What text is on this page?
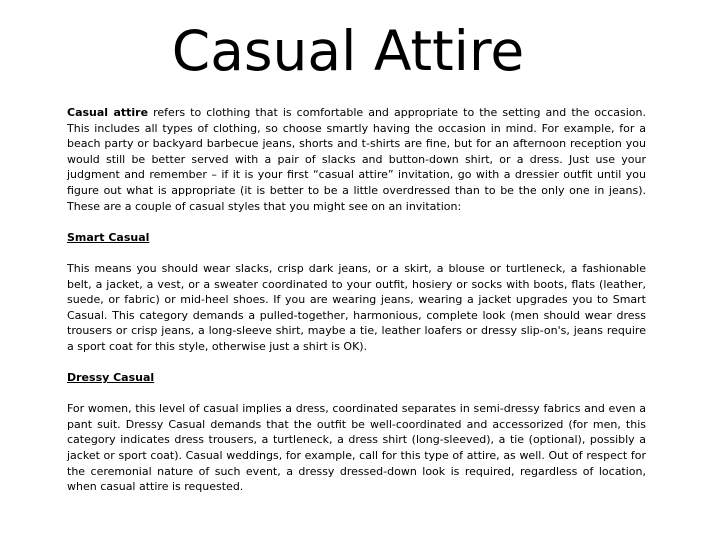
Casual Attire

Casual attire refers to clothing that is comfortable and appropriate to the setting and the occasion. This includes all types of clothing, so choose smartly having the occasion in mind. For example, for a beach party or backyard barbecue jeans, shorts and t-shirts are fine, but for an afternoon reception you would still be better served with a pair of slacks and button-down shirt, or a dress. Just use your judgment and remember – if it is your first “casual attire” invitation, go with a dressier outfit until you figure out what is appropriate (it is better to be a little overdressed than to be the only one in jeans). These are a couple of casual styles that you might see on an invitation:

Smart Casual

This means you should wear slacks, crisp dark jeans, or a skirt, a blouse or turtleneck, a fashionable belt, a jacket, a vest, or a sweater coordinated to your outfit, hosiery or socks with boots, flats (leather, suede, or fabric) or mid-heel shoes. If you are wearing jeans, wearing a jacket upgrades you to Smart Casual. This category demands a pulled-together, harmonious, complete look (men should wear dress trousers or crisp jeans, a long-sleeve shirt, maybe a tie, leather loafers or dressy slip-on's, jeans require a sport coat for this style, otherwise just a shirt is OK).

Dressy Casual

For women, this level of casual implies a dress, coordinated separates in semi-dressy fabrics and even a pant suit. Dressy Casual demands that the outfit be well-coordinated and accessorized (for men, this category indicates dress trousers, a turtleneck, a dress shirt (long-sleeved), a tie (optional), possibly a jacket or sport coat). Casual weddings, for example, call for this type of attire, as well. Out of respect for the ceremonial nature of such event, a dressy dressed-down look is required, regardless of location, when casual attire is requested.
